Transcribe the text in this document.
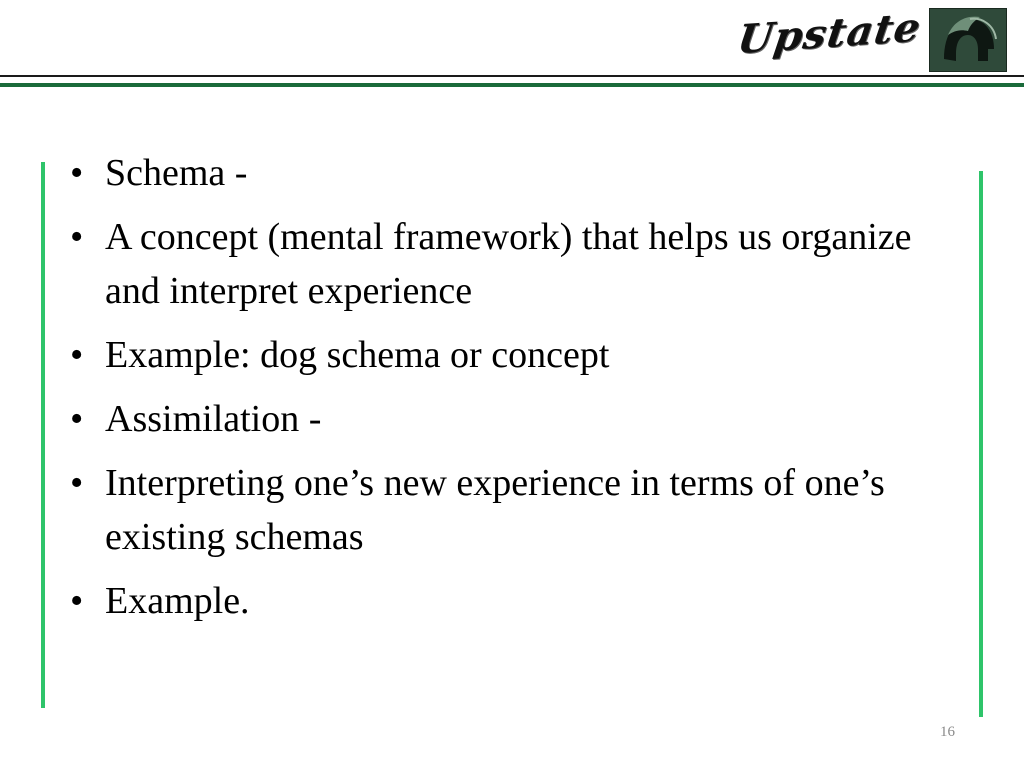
Upstate
• Schema -
• A concept (mental framework) that helps us organize and interpret experience
• Example: dog schema or concept
• Assimilation -
• Interpreting one’s new experience in terms of one’s existing schemas
• Example.
16
